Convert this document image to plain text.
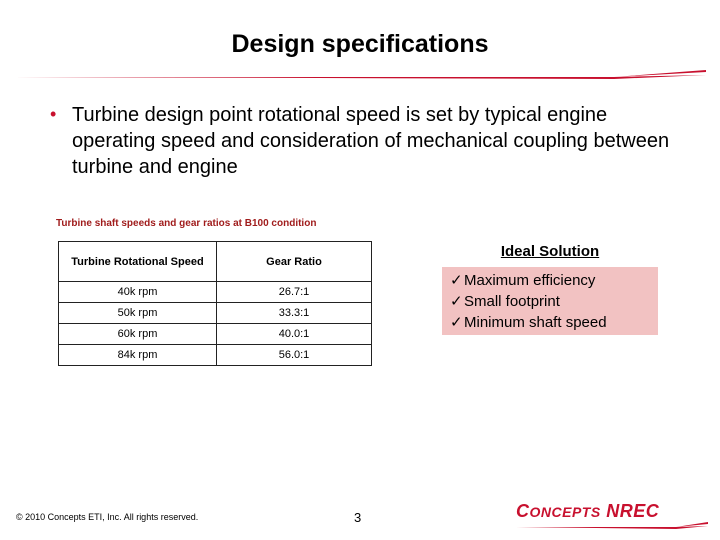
Design specifications
• Turbine design point rotational speed is set by typical engine operating speed and consideration of mechanical coupling between turbine and engine
Turbine shaft speeds and gear ratios at B100 condition
Turbine Rotational Speed	Gear Ratio
40k rpm	26.7:1
50k rpm	33.3:1
60k rpm	40.0:1
84k rpm	56.0:1
Ideal Solution
✓Maximum efficiency
✓Small footprint
✓Minimum shaft speed
© 2010 Concepts ETI, Inc. All rights reserved.	3	CONCEPTS NREC
